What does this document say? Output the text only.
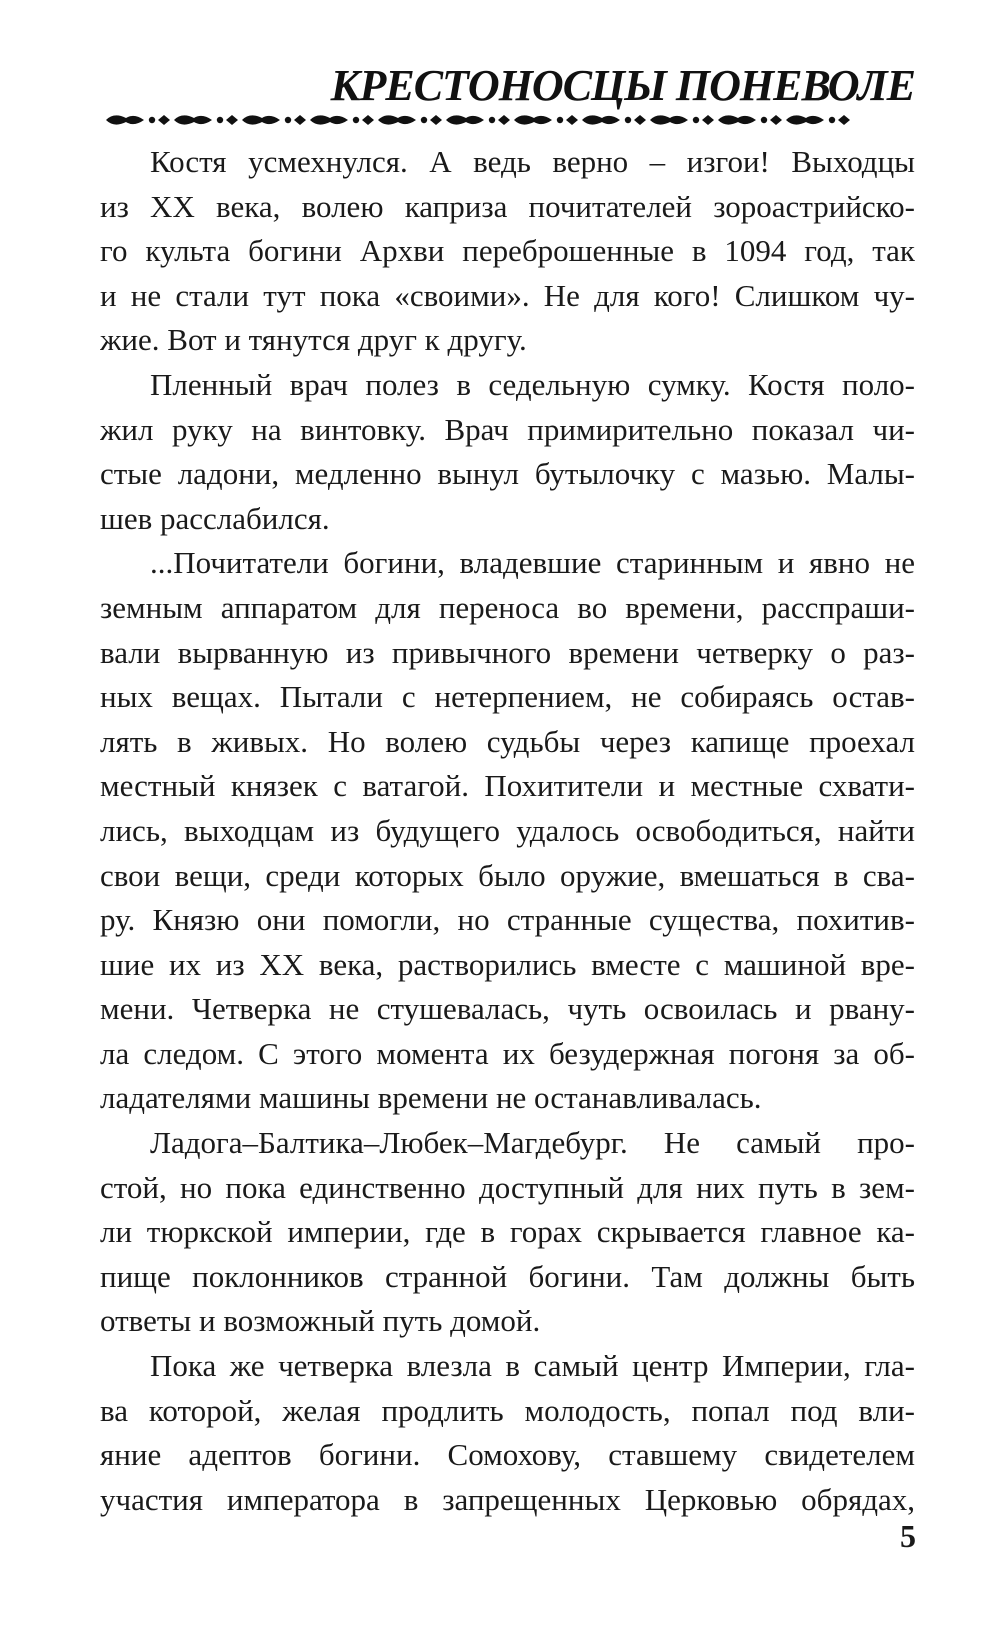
КРЕСТОНОСЦЫ ПОНЕВОЛЕ
Костя усмехнулся. А ведь верно – изгои! Выходцы
из XX века, волею каприза почитателей зороастрийско-
го культа богини Архви переброшенные в 1094 год, так
и не стали тут пока «своими». Не для кого! Слишком чу-
жие. Вот и тянутся друг к другу.
Пленный врач полез в седельную сумку. Костя поло-
жил руку на винтовку. Врач примирительно показал чи-
стые ладони, медленно вынул бутылочку с мазью. Малы-
шев расслабился.
...Почитатели богини, владевшие старинным и явно не
земным аппаратом для переноса во времени, расспраши-
вали вырванную из привычного времени четверку о раз-
ных вещах. Пытали с нетерпением, не собираясь остав-
лять в живых. Но волею судьбы через капище проехал
местный князек с ватагой. Похитители и местные схвати-
лись, выходцам из будущего удалось освободиться, найти
свои вещи, среди которых было оружие, вмешаться в сва-
ру. Князю они помогли, но странные существа, похитив-
шие их из XX века, растворились вместе с машиной вре-
мени. Четверка не стушевалась, чуть освоилась и рвану-
ла следом. С этого момента их безудержная погоня за об-
ладателями машины времени не останавливалась.
Ладога–Балтика–Любек–Магдебург. Не самый про-
стой, но пока единственно доступный для них путь в зем-
ли тюркской империи, где в горах скрывается главное ка-
пище поклонников странной богини. Там должны быть
ответы и возможный путь домой.
Пока же четверка влезла в самый центр Империи, гла-
ва которой, желая продлить молодость, попал под вли-
яние адептов богини. Сомохову, ставшему свидетелем
участия императора в запрещенных Церковью обрядах,
5
